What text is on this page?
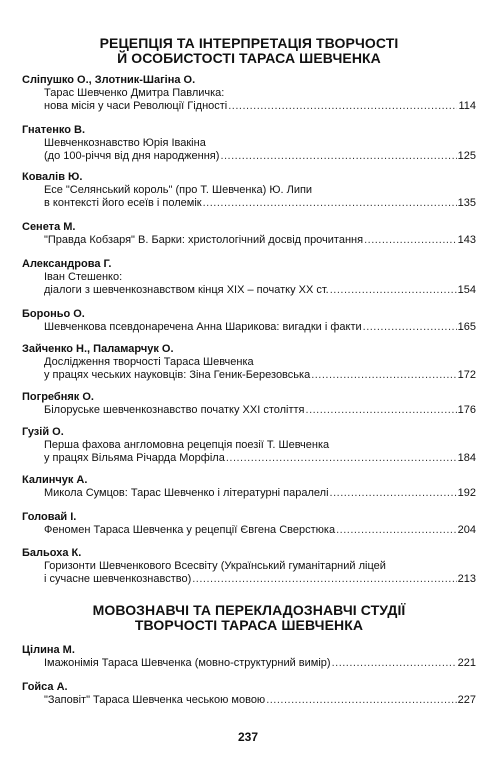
РЕЦЕПЦІЯ ТА ІНТЕРПРЕТАЦІЯ ТВОРЧОСТІ
Й ОСОБИСТОСТІ ТАРАСА ШЕВЧЕНКА
Сліпушко О., Злотник-Шагіна О.
Тарас Шевченко Дмитра Павличка:
нова місія у часи Революції Гідності .....	114
Гнатенко В.
Шевченкознавство Юрія Івакіна
(до 100-річчя від дня народження) .....	125
Ковалів Ю.
Есе "Селянський король" (про Т. Шевченка) Ю. Липи
в контексті його есеїв і полемік .....	135
Сенета М.
"Правда Кобзаря" В. Барки: христологічний досвід прочитання .....	143
Александрова Г.
Іван Стешенко:
діалоги з шевченкознавством кінця XIX – початку XX ст. .....	154
Бороньо О.
Шевченкова псевдонаречена Анна Шарикова: вигадки і факти .....	165
Зайченко Н., Паламарчук О.
Дослідження творчості Тараса Шевченка
у працях чеських науковців: Зіна Геник-Березовська .....	172
Погребняк О.
Білоруське шевченкознавство початку XXI століття .....	176
Гузій О.
Перша фахова англомовна рецепція поезії Т. Шевченка
у працях Вільяма Річарда Морфіла .....	184
Калинчук А.
Микола Сумцов: Тарас Шевченко і літературні паралелі .....	192
Головай І.
Феномен Тараса Шевченка у рецепції Євгена Сверстюка .....	204
Бальоха К.
Горизонти Шевченкового Всесвіту (Український гуманітарний ліцей
і сучасне шевченкознавство) .....	213
МОВОЗНАВЧІ ТА ПЕРЕКЛАДОЗНАВЧІ СТУДІЇ
ТВОРЧОСТІ ТАРАСА ШЕВЧЕНКА
Цілина М.
Імажонімія Тараса Шевченка (мовно-структурний вимір) .....	221
Гойса А.
"Заповіт" Тараса Шевченка чеською мовою .....	227
237
